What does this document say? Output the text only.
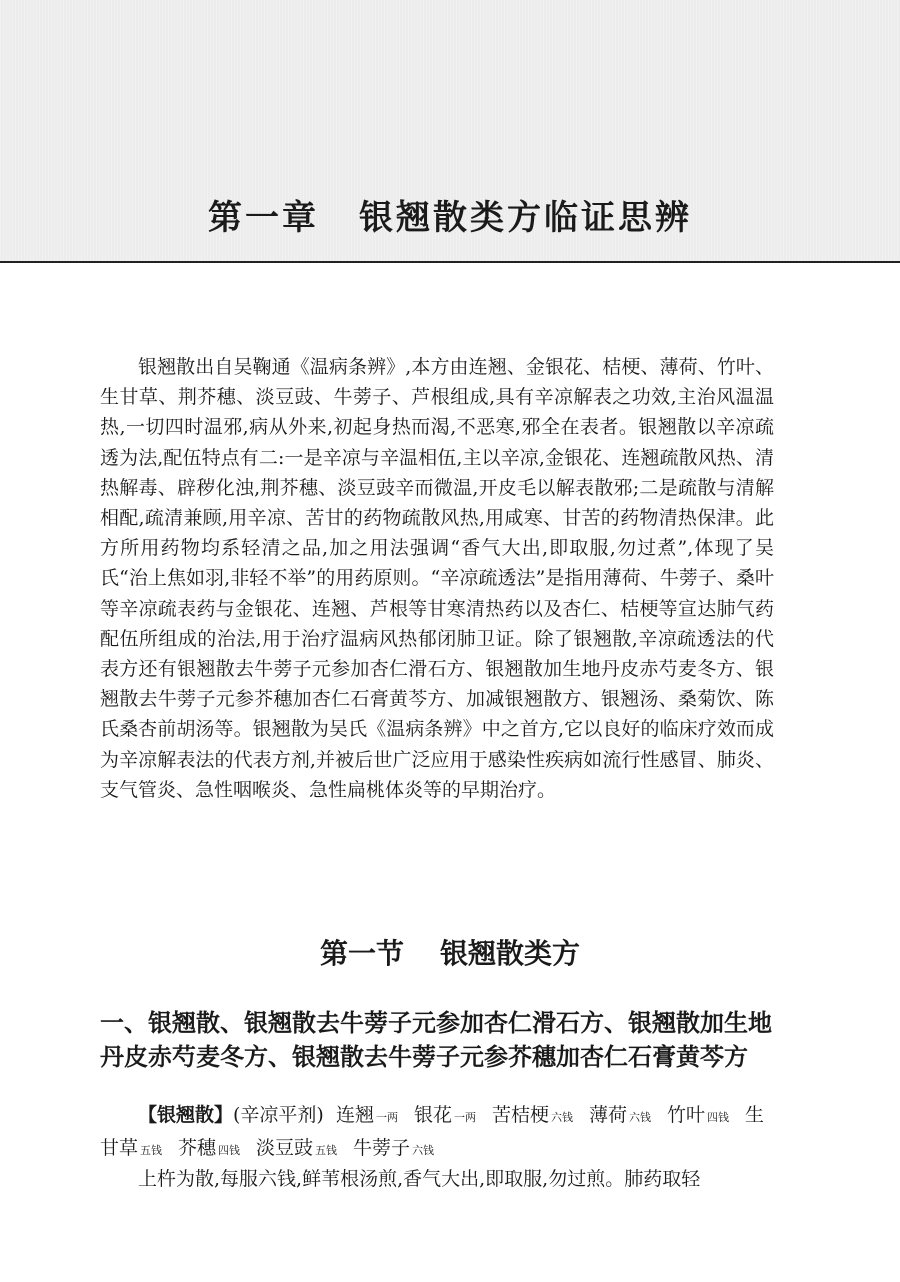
第一章 银翘散类方临证思辨

银翘散出自吴鞠通《温病条辨》,本方由连翘、金银花、桔梗、薄荷、竹叶、生甘草、荆芥穗、淡豆豉、牛蒡子、芦根组成,具有辛凉解表之功效,主治风温温热,一切四时温邪,病从外来,初起身热而渴,不恶寒,邪全在表者。银翘散以辛凉疏透为法,配伍特点有二:一是辛凉与辛温相伍,主以辛凉,金银花、连翘疏散风热、清热解毒、辟秽化浊,荆芥穗、淡豆豉辛而微温,开皮毛以解表散邪;二是疏散与清解相配,疏清兼顾,用辛凉、苦甘的药物疏散风热,用咸寒、甘苦的药物清热保津。此方所用药物均系轻清之品,加之用法强调“香气大出,即取服,勿过煮”,体现了吴氏“治上焦如羽,非轻不举”的用药原则。“辛凉疏透法”是指用薄荷、牛蒡子、桑叶等辛凉疏表药与金银花、连翘、芦根等甘寒清热药以及杏仁、桔梗等宣达肺气药配伍所组成的治法,用于治疗温病风热郁闭肺卫证。除了银翘散,辛凉疏透法的代表方还有银翘散去牛蒡子元参加杏仁滑石方、银翘散加生地丹皮赤芍麦冬方、银翘散去牛蒡子元参芥穗加杏仁石膏黄芩方、加减银翘散方、银翘汤、桑菊饮、陈氏桑杏前胡汤等。银翘散为吴氏《温病条辨》中之首方,它以良好的临床疗效而成为辛凉解表法的代表方剂,并被后世广泛应用于感染性疾病如流行性感冒、肺炎、支气管炎、急性咽喉炎、急性扁桃体炎等的早期治疗。

第一节 银翘散类方
一、银翘散、银翘散去牛蒡子元参加杏仁滑石方、银翘散加生地丹皮赤芍麦冬方、银翘散去牛蒡子元参芥穗加杏仁石膏黄芩方

【银翘散】(辛凉平剂) 连翘 一两 银花 一两 苦桔梗 六钱 薄荷 六钱 竹叶 四钱 生甘草 五钱 芥穗 四钱 淡豆豉 五钱 牛蒡子 六钱

上杵为散,每服六钱,鲜苇根汤煎,香气大出,即取服,勿过煎。肺药取轻
